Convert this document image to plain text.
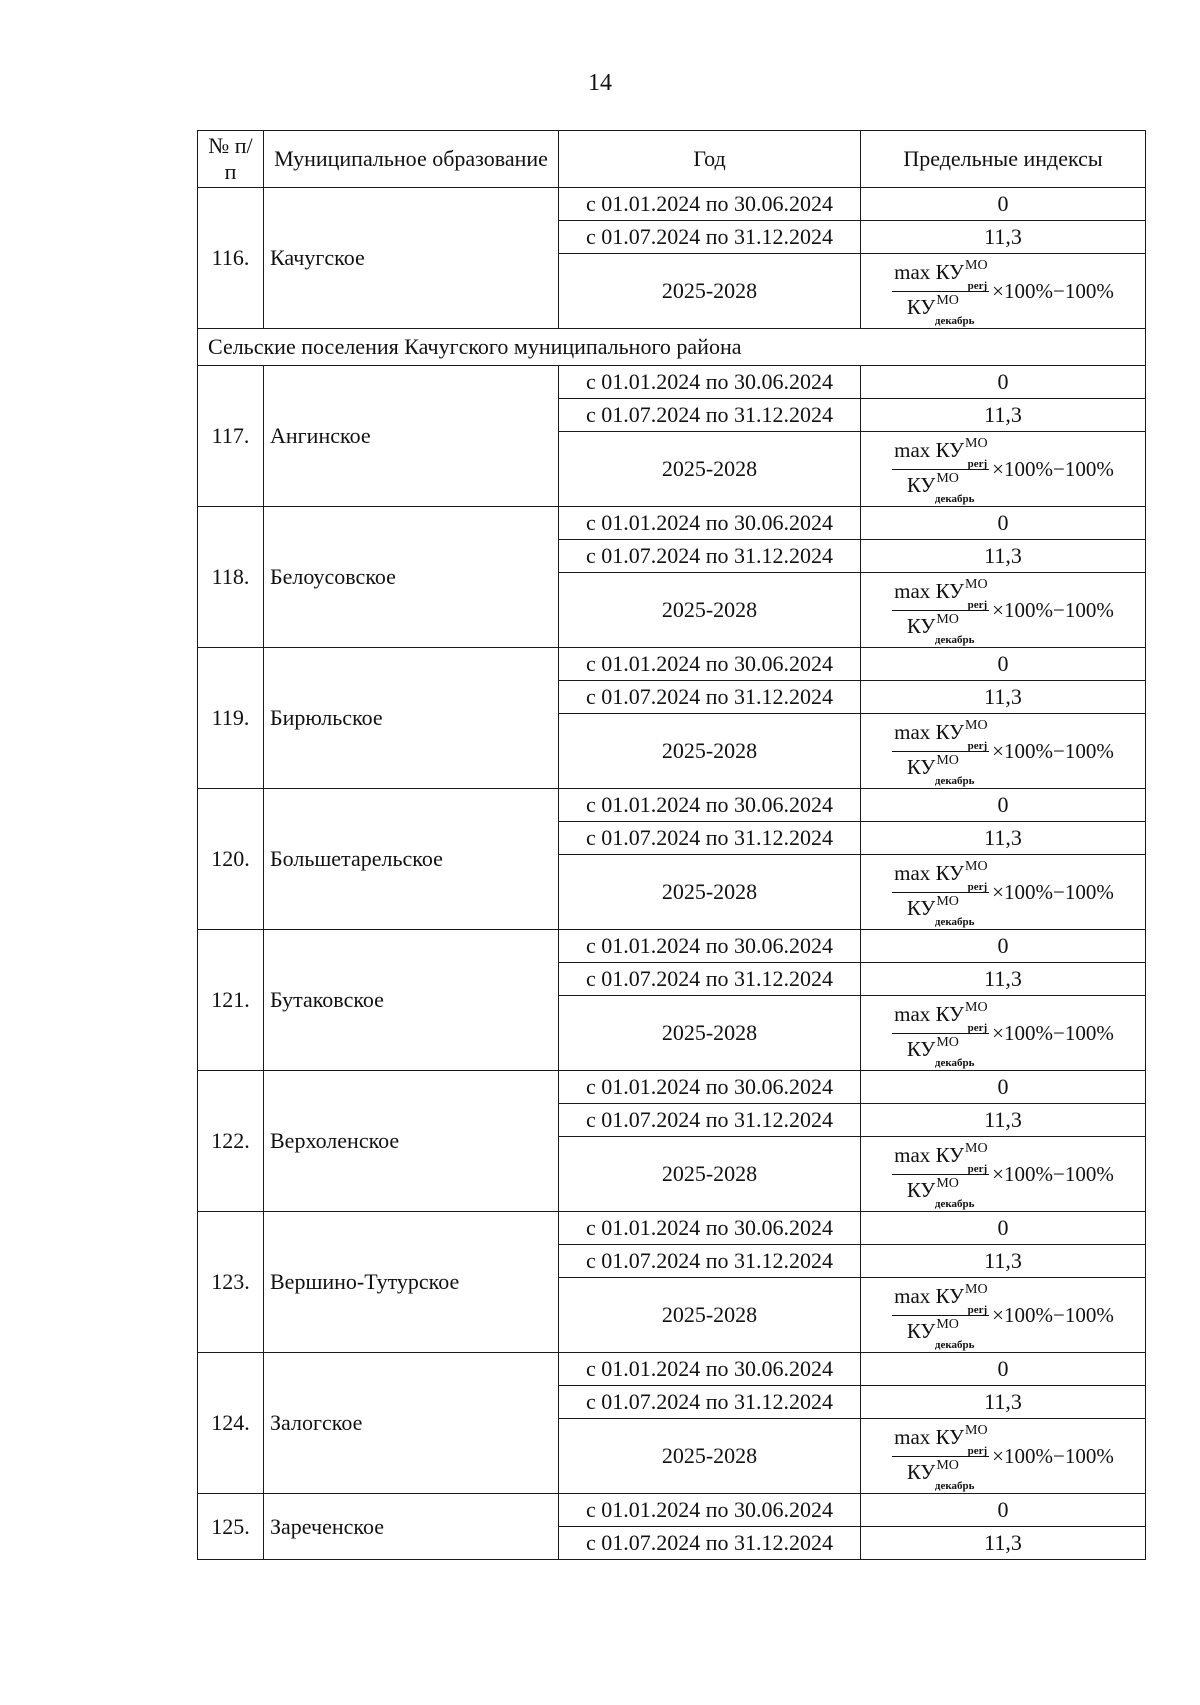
14
№ п/п	Муниципальное образование	Год	Предельные индексы
116.	Качугское	с 01.01.2024 по 30.06.2024	0
		с 01.07.2024 по 31.12.2024	11,3
		2025-2028	$\frac{\max КУМО_{perj}}{КУМО_{декабрь}} \times 100\%-100\%$

Сельские поселения Качугского муниципального района			
117.	Ангинское	с 01.01.2024 по 30.06.2024	0
		с 01.07.2024 по 31.12.2024	11,3
		2025-2028	$\frac{\max КУМО_{perj}}{КУМО_{декабрь}} \times 100\%-100\%$

118.	Белоусовское	с 01.01.2024 по 30.06.2024	0
		с 01.07.2024 по 31.12.2024	11,3
		2025-2028	$\frac{\max КУМО_{perj}}{КУМО_{декабрь}} \times 100\%-100\%$

119.	Бирюльское	с 01.01.2024 по 30.06.2024	0
		с 01.07.2024 по 31.12.2024	11,3
		2025-2028	$\frac{\max КУМО_{perj}}{КУМО_{декабрь}} \times 100\%-100\%$

120.	Большетарельское	с 01.01.2024 по 30.06.2024	0
		с 01.07.2024 по 31.12.2024	11,3
		2025-2028	$\frac{\max КУМО_{perj}}{КУМО_{декабрь}} \times 100\%-100\%$

121.	Бутаковское	с 01.01.2024 по 30.06.2024	0
		с 01.07.2024 по 31.12.2024	11,3
		2025-2028	$\frac{\max КУМО_{perj}}{КУМО_{декабрь}} \times 100\%-100\%$

122.	Верхоленское	с 01.01.2024 по 30.06.2024	0
		с 01.07.2024 по 31.12.2024	11,3
		2025-2028	$\frac{\max КУМО_{perj}}{КУМО_{декабрь}} \times 100\%-100\%$

123.	Вершино-Тутурское	с 01.01.2024 по 30.06.2024	0
		с 01.07.2024 по 31.12.2024	11,3
		2025-2028	$\frac{\max КУМО_{perj}}{КУМО_{декабрь}} \times 100\%-100\%$

124.	Залогское	с 01.01.2024 по 30.06.2024	0
		с 01.07.2024 по 31.12.2024	11,3
		2025-2028	$\frac{\max КУМО_{perj}}{КУМО_{декабрь}} \times 100\%-100\%$

125.	Зареченское	с 01.01.2024 по 30.06.2024	0
		с 01.07.2024 по 31.12.2024	11,3
